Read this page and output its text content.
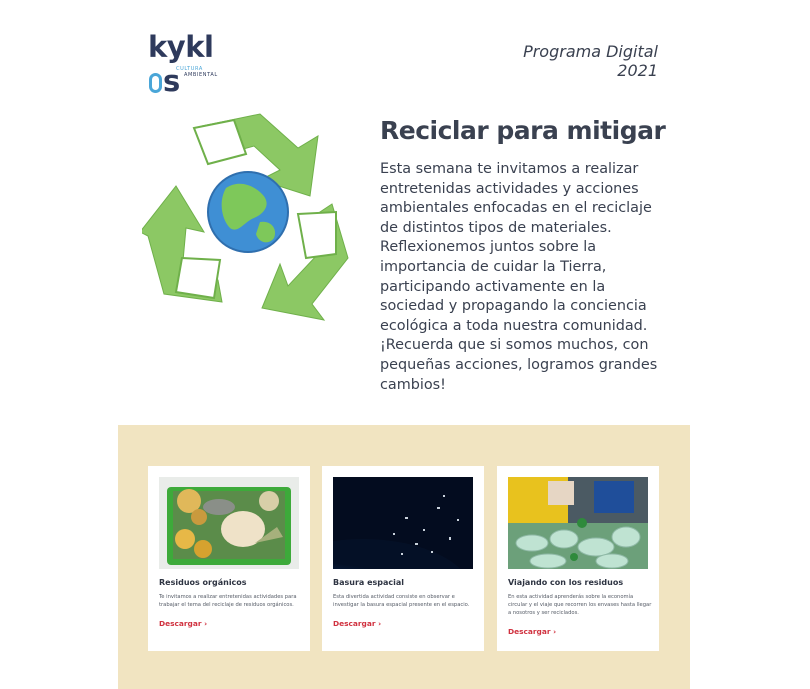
kykls
CULTURA
AMBIENTAL
Programa Digital 2021
Reciclar para mitigar
Esta semana te invitamos a realizar entretenidas actividades y acciones ambientales enfocadas en el reciclaje de distintos tipos de materiales. Reflexionemos juntos sobre la importancia de cuidar la Tierra, participando activamente en la sociedad y propagando la conciencia ecológica a toda nuestra comunidad. ¡Recuerda que si somos muchos, con pequeñas acciones, logramos grandes cambios!
Residuos orgánicos
Te invitamos a realizar entretenidas actividades para trabajar el tema del reciclaje de residuos orgánicos.
Descargar ›
Basura espacial
Esta divertida actividad consiste en observar e investigar la basura espacial presente en el espacio.
Descargar ›
Viajando con los residuos
En esta actividad aprenderás sobre la economía circular y el viaje que recorren los envases hasta llegar a nosotros y ser reciclados.
Descargar ›
